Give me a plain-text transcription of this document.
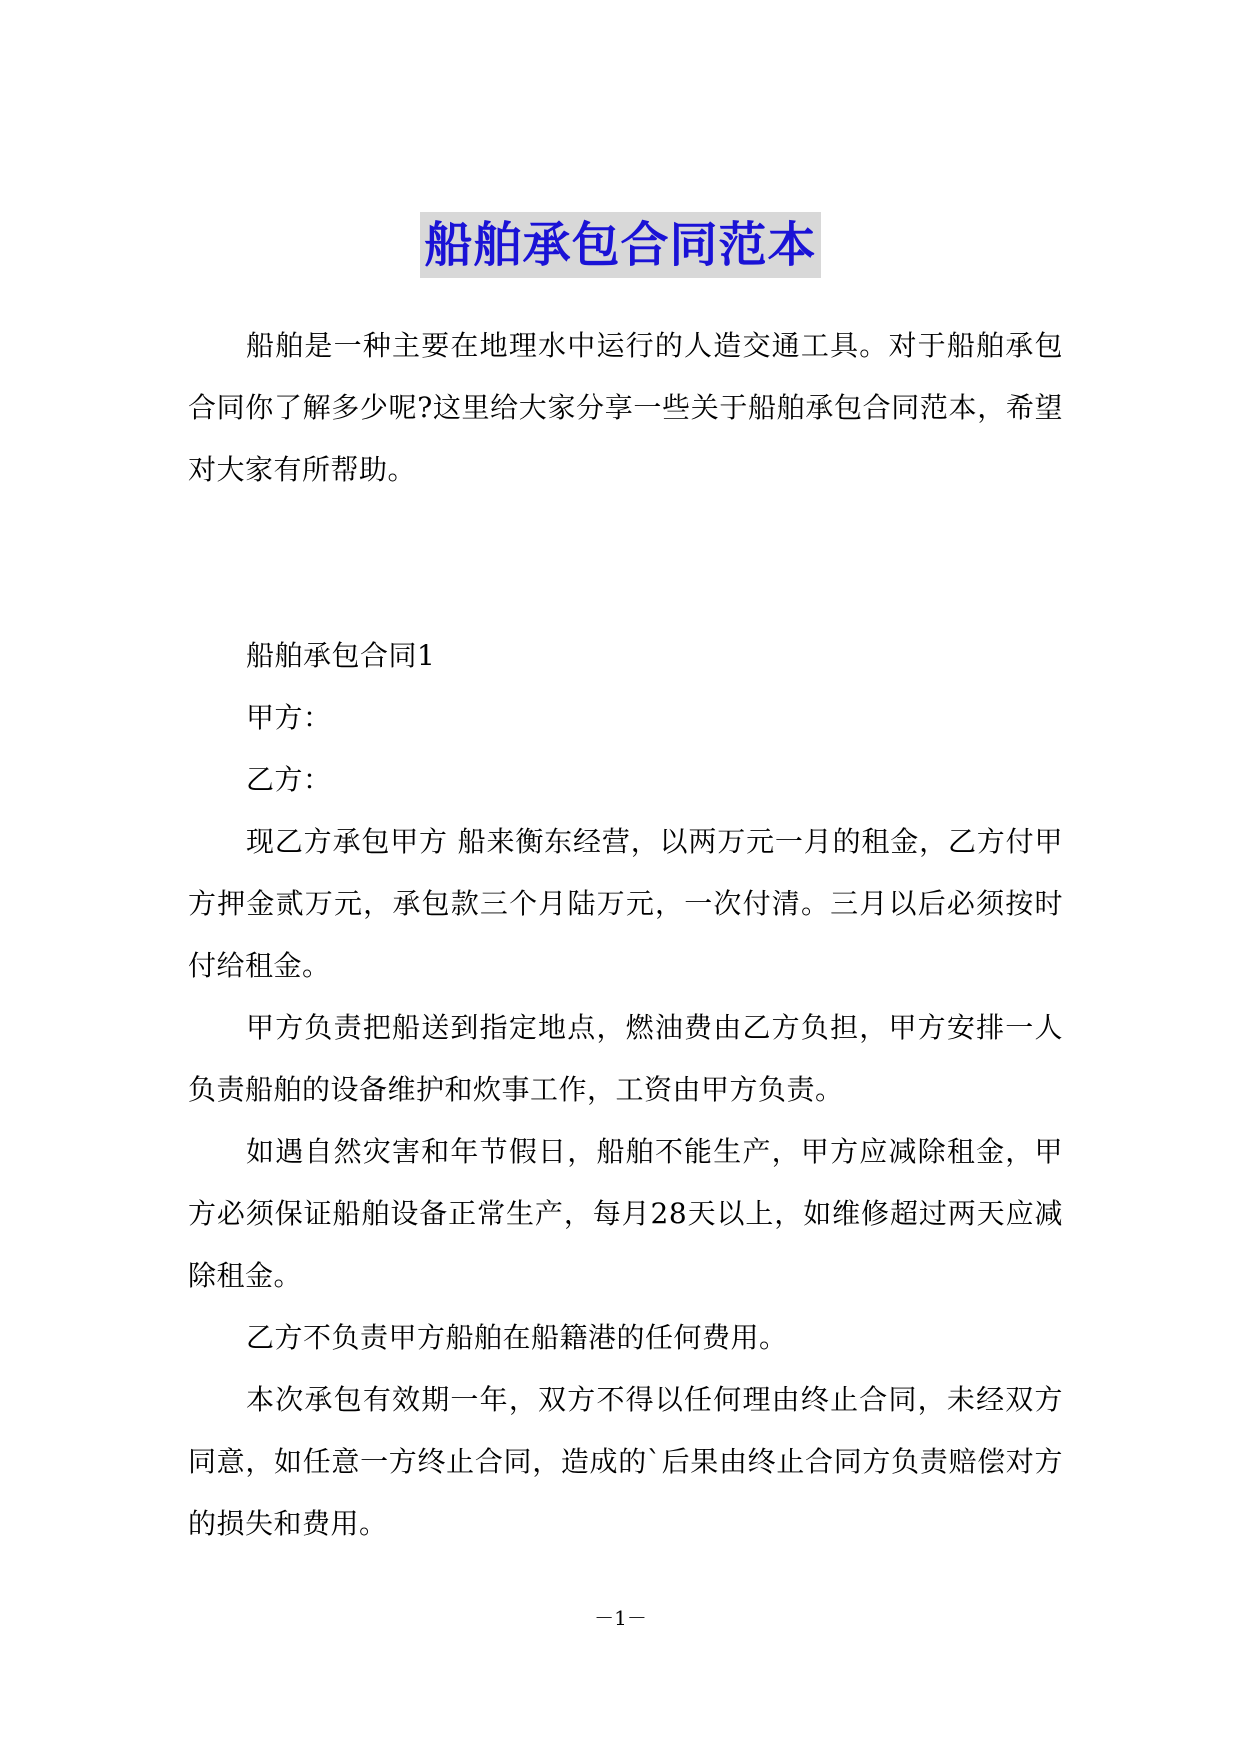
船舶承包合同范本

船舶是一种主要在地理水中运行的人造交通工具。对于船舶承包合同你了解多少呢?这里给大家分享一些关于船舶承包合同范本，希望对大家有所帮助。

船舶承包合同1

甲方：

乙方：

现乙方承包甲方 船来衡东经营，以两万元一月的租金，乙方付甲方押金贰万元，承包款三个月陆万元，一次付清。三月以后必须按时付给租金。

甲方负责把船送到指定地点，燃油费由乙方负担，甲方安排一人负责船舶的设备维护和炊事工作，工资由甲方负责。

如遇自然灾害和年节假日，船舶不能生产，甲方应减除租金，甲方必须保证船舶设备正常生产，每月28天以上，如维修超过两天应减除租金。

乙方不负责甲方船舶在船籍港的任何费用。

本次承包有效期一年，双方不得以任何理由终止合同，未经双方同意，如任意一方终止合同，造成的`后果由终止合同方负责赔偿对方的损失和费用。

－1－
